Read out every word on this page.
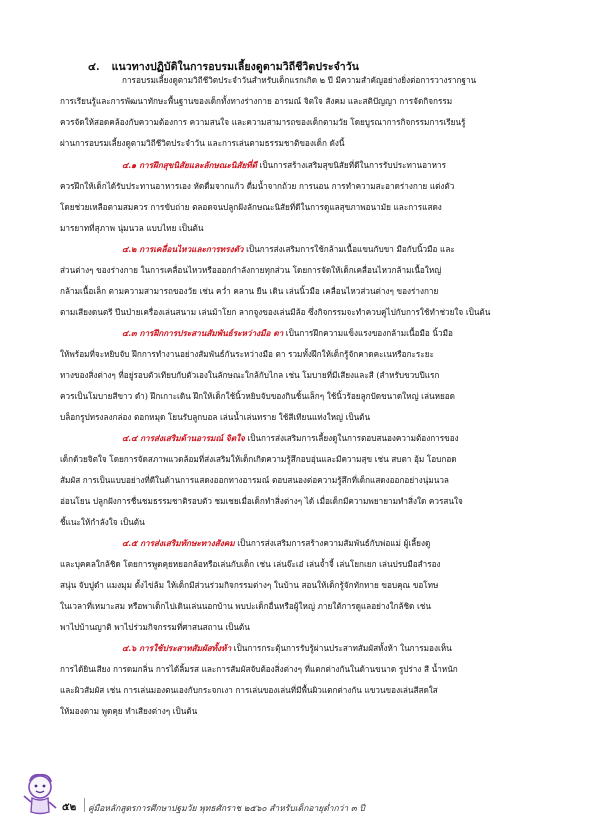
๔. แนวทางปฏิบัติในการอบรมเลี้ยงดูตามวิถีชีวิตประจำวัน
การอบรมเลี้ยงดูตามวิถีชีวิตประจำวันสำหรับเด็กแรกเกิด ๒ ปี มีความสำคัญอย่างยิ่งต่อการวางรากฐาน
การเรียนรู้และการพัฒนาทักษะพื้นฐานของเด็กทั้งทางร่างกาย อารมณ์ จิตใจ สังคม และสติปัญญา การจัดกิจกรรม
ควรจัดให้สอดคล้องกับความต้องการ ความสนใจ และความสามารถของเด็กตามวัย โดยบูรณาการกิจกรรมการเรียนรู้
ผ่านการอบรมเลี้ยงดูตามวิถีชีวิตประจำวัน และการเล่นตามธรรมชาติของเด็ก ดังนี้
๔.๑ การฝึกสุขนิสัยและลักษณะนิสัยที่ดี เป็นการสร้างเสริมสุขนิสัยที่ดีในการรับประทานอาหาร
ควรฝึกให้เด็กได้รับประทานอาหารเอง หัดดื่มจากแก้ว ดื่มน้ำจากถ้วย การนอน การทำความสะอาดร่างกาย แต่งตัว
โดยช่วยเหลือตามสมควร การขับถ่าย ตลอดจนปลูกฝังลักษณะนิสัยที่ดีในการดูแลสุขภาพอนามัย และการแสดง
มารยาทที่สุภาพ นุ่มนวล แบบไทย เป็นต้น
๔.๒ การเคลื่อนไหวและการทรงตัว เป็นการส่งเสริมการใช้กล้ามเนื้อแขนกับขา มือกับนิ้วมือ และ
ส่วนต่างๆ ของร่างกาย ในการเคลื่อนไหวหรือออกกำลังกายทุกส่วน โดยการจัดให้เด็กเคลื่อนไหวกล้ามเนื้อใหญ่
กล้ามเนื้อเล็ก ตามความสามารถของวัย เช่น คว่ำ คลาน ยืน เดิน เล่นนิ้วมือ เคลื่อนไหวส่วนต่างๆ ของร่างกาย
ตามเสียงดนตรี ปีนป่ายเครื่องเล่นสนาม เล่นม้าโยก ลากจูงของเล่นมีล้อ ซึ่งกิจกรรมจะทำควบคู่ไปกับการใช้ทำช่วยใจ เป็นต้น
๔.๓ การฝึกการประสานสัมพันธ์ระหว่างมือ ตา เป็นการฝึกความแข็งแรงของกล้ามเนื้อมือ นิ้วมือ
ให้พร้อมที่จะหยิบจับ ฝึกการทำงานอย่างสัมพันธ์กันระหว่างมือ ตา รวมทั้งฝึกให้เด็กรู้จักคาดคะเนหรือกะระยะ
ทางของสิ่งต่างๆ ที่อยู่รอบตัวเทียบกับตัวเองในลักษณะใกล้กับไกล เช่น โมบายที่มีเสียงและสี (สำหรับขวบปีแรก
ควรเป็นโมบายสีขาว ดำ) ฝึกเกาะเดิน ฝึกให้เด็กใช้นิ้วหยิบจับของกินชิ้นเล็กๆ ใช้นิ้วร้อยลูกปัดขนาดใหญ่ เล่นหยอด
บล็อกรูปทรงลงกล่อง ตอกหมุด โยนรับลูกบอล เล่นน้ำเล่นทราย ใช้สีเทียนแท่งใหญ่ เป็นต้น
๔.๔ การส่งเสริมด้านอารมณ์ จิตใจ เป็นการส่งเสริมการเลี้ยงดูในการตอบสนองความต้องการของ
เด็กด้วยจิตใจ โดยการจัดสภาพแวดล้อมที่ส่งเสริมให้เด็กเกิดความรู้สึกอบอุ่นและมีความสุข เช่น สบตา อุ้ม โอบกอด
สัมผัส การเป็นแบบอย่างที่ดีในด้านการแสดงออกทางอารมณ์ ตอบสนองต่อความรู้สึกที่เด็กแสดงออกอย่างนุ่มนวล
อ่อนโยน ปลูกฝังการชื่นชมธรรมชาติรอบตัว ชมเชยเมื่อเด็กทำสิ่งต่างๆ ได้ เมื่อเด็กมีความพยายามทำสิ่งใด ควรสนใจ
ชี้แนะให้กำลังใจ เป็นต้น
๔.๕ การส่งเสริมทักษะทางสังคม เป็นการส่งเสริมการสร้างความสัมพันธ์กับพ่อแม่ ผู้เลี้ยงดู
และบุคคลใกล้ชิด โดยการพูดคุยหยอกล้อหรือเล่นกับเด็ก เช่น เล่นจ๊ะเอ๋ เล่นจ้ำจี้ เล่นโยกเยก เล่นปรบมือสำรอง
สนุ่น จับปูดำ แมงมุม ตั้งไข่ล้ม ให้เด็กมีส่วนร่วมกิจกรรมต่างๆ ในบ้าน สอนให้เด็กรู้จักทักทาย ขอบคุณ ขอโทษ
ในเวลาที่เหมาะสม หรือพาเด็กไปเดินเล่นนอกบ้าน พบปะเด็กอื่นหรือผู้ใหญ่ ภายใต้การดูแลอย่างใกล้ชิด เช่น
พาไปบ้านญาติ พาไปร่วมกิจกรรมที่ศาสนสถาน เป็นต้น
๔.๖ การใช้ประสาทสัมผัสทั้งห้า เป็นการกระตุ้นการรับรู้ผ่านประสาทสัมผัสทั้งห้า ในการมองเห็น
การได้ยินเสียง การดมกลิ่น การได้ลิ้มรส และการสัมผัสจับต้องสิ่งต่างๆ ที่แตกต่างกันในด้านขนาด รูปร่าง สี น้ำหนัก
และผิวสัมผัส เช่น การเล่นมองตนเองกับกระจกเงา การเล่นของเล่นที่มีพื้นผิวแตกต่างกัน แขวนของเล่นสีสดใส
ให้มองตาม พูดคุย ทำเสียงต่างๆ เป็นต้น
๕๒ คู่มือหลักสูตรการศึกษาปฐมวัย พุทธศักราช ๒๕๖๐ สำหรับเด็กอายุต่ำกว่า ๓ ปี
